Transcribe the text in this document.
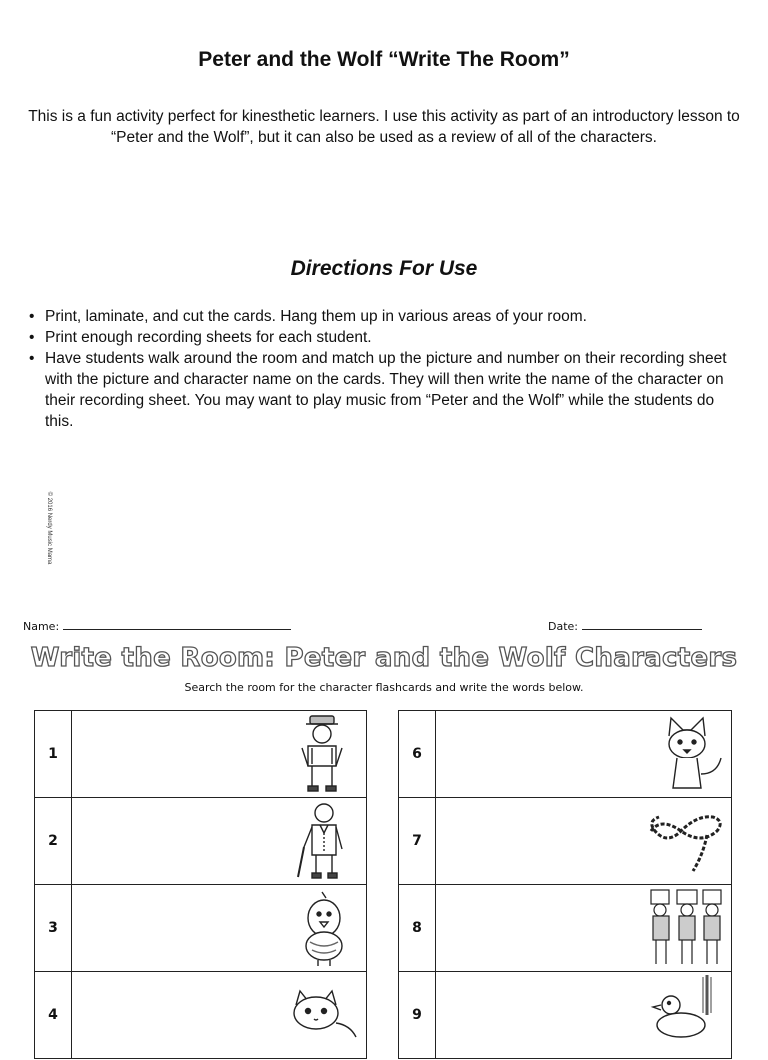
Peter and the Wolf “Write The Room”

This is a fun activity perfect for kinesthetic learners. I use this activity as part of an introductory lesson to “Peter and the Wolf”, but it can also be used as a review of all of the characters.

Directions For Use
• Print, laminate, and cut the cards. Hang them up in various areas of your room.
• Print enough recording sheets for each student.
• Have students walk around the room and match up the picture and number on their recording sheet with the picture and character name on the cards. They will then write the name of the character on their recording sheet. You may want to play music from “Peter and the Wolf” while the students do this.
© 2016 Nerdy Music Mama
Name:	Date:
Write the Room: Peter and the Wolf Characters
Search the room for the character flashcards and write the words below.
1
2
3
4
6
7
8
9
